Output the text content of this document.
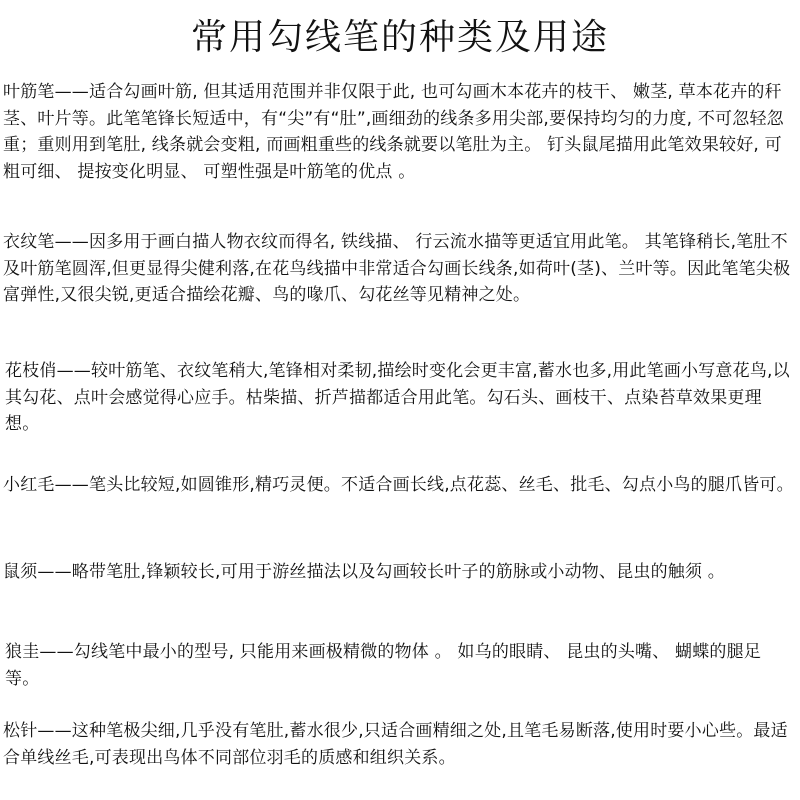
常用勾线笔的种类及用途

叶筋笔——适合勾画叶筋, 但其适用范围并非仅限于此, 也可勾画木本花卉的枝干、 嫩茎, 草本花卉的秆茎、叶片等。此笔笔锋长短适中，有“尖”有“肚”,画细劲的线条多用尖部,要保持均匀的力度, 不可忽轻忽重；重则用到笔肚, 线条就会变粗, 而画粗重些的线条就要以笔肚为主。 钉头鼠尾描用此笔效果较好, 可粗可细、 提按变化明显、 可塑性强是叶筋笔的优点 。

衣纹笔——因多用于画白描人物衣纹而得名, 铁线描、 行云流水描等更适宜用此笔。 其笔锋稍长,笔肚不及叶筋笔圆浑,但更显得尖健利落,在花鸟线描中非常适合勾画长线条,如荷叶(茎)、兰叶等。因此笔笔尖极富弹性,又很尖锐,更适合描绘花瓣、鸟的喙爪、勾花丝等见精神之处。

花枝俏——较叶筋笔、衣纹笔稍大,笔锋相对柔韧,描绘时变化会更丰富,蓄水也多,用此笔画小写意花鸟,以其勾花、点叶会感觉得心应手。枯柴描、折芦描都适合用此笔。勾石头、画枝干、点染苔草效果更理想。

小红毛——笔头比较短,如圆锥形,精巧灵便。不适合画长线,点花蕊、丝毛、批毛、勾点小鸟的腿爪皆可。

鼠须——略带笔肚,锋颖较长,可用于游丝描法以及勾画较长叶子的筋脉或小动物、昆虫的触须 。

狼圭——勾线笔中最小的型号, 只能用来画极精微的物体 。 如乌的眼睛、 昆虫的头嘴、 蝴蝶的腿足等。

松针——这种笔极尖细,几乎没有笔肚,蓄水很少,只适合画精细之处,且笔毛易断落,使用时要小心些。最适合单线丝毛,可表现出鸟体不同部位羽毛的质感和组织关系。
